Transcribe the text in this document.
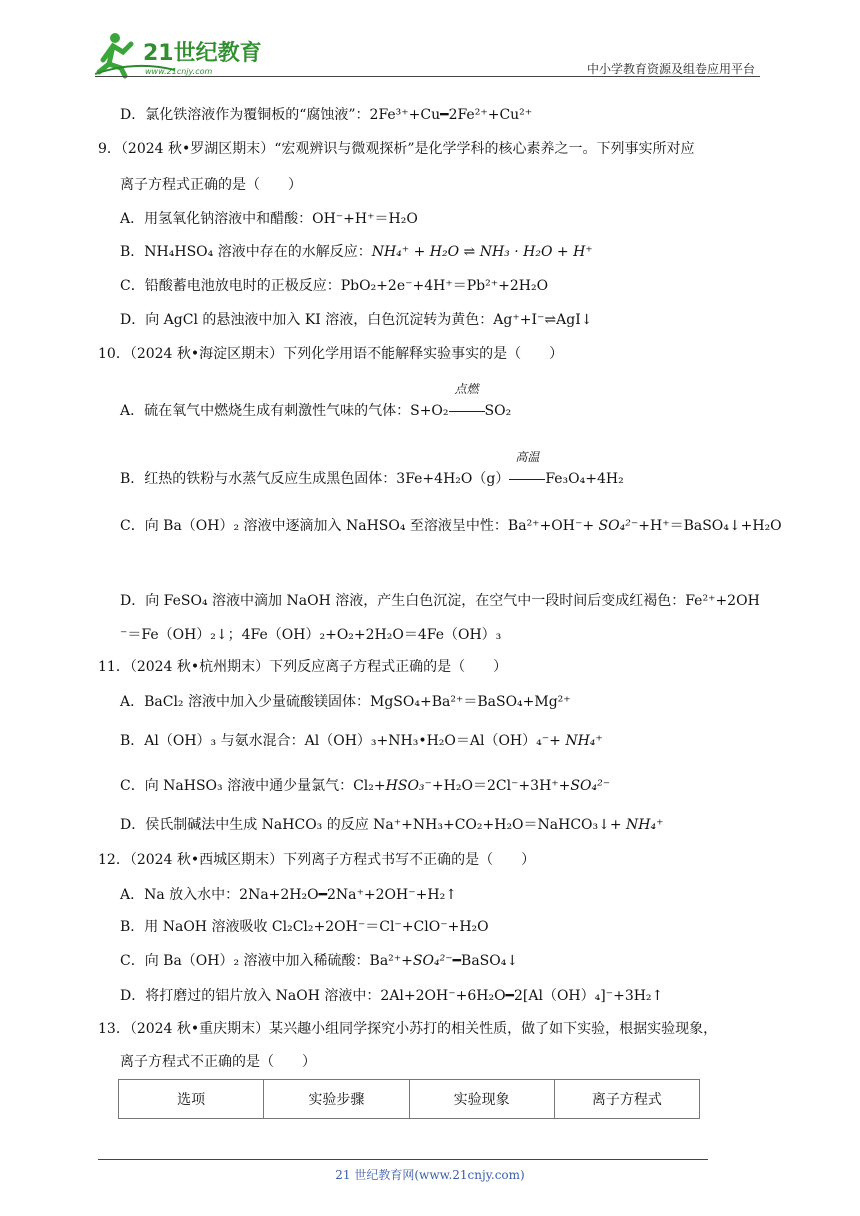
21世纪教育
www.21cnjy.com	中小学教育资源及组卷应用平台
D．氯化铁溶液作为覆铜板的“腐蚀液”：2Fe³⁺+Cu━2Fe²⁺+Cu²⁺
9．（2024 秋•罗湖区期末）“宏观辨识与微观探析”是化学学科的核心素养之一。下列事实所对应
离子方程式正确的是（　　）
A．用氢氧化钠溶液中和醋酸：OH⁻+H⁺＝H₂O
B．NH₄HSO₄ 溶液中存在的水解反应：NH₄⁺ + H₂O ⇌ NH₃ · H₂O + H⁺
C．铅酸蓄电池放电时的正极反应：PbO₂+2e⁻+4H⁺＝Pb²⁺+2H₂O
D．向 AgCl 的悬浊液中加入 KI 溶液，白色沉淀转为黄色：Ag⁺+I⁻⇌AgI↓
10．（2024 秋•海淀区期末）下列化学用语不能解释实验事实的是（　　）
A．硫在氧气中燃烧生成有刺激性气味的气体：S+O₂
点燃
SO₂
B．红热的铁粉与水蒸气反应生成黑色固体：3Fe+4H₂O（g）
高温
Fe₃O₄+4H₂
C．向 Ba（OH）₂ 溶液中逐滴加入 NaHSO₄ 至溶液呈中性：Ba²⁺+OH⁻+ SO₄²⁻+H⁺＝BaSO₄↓+H₂O
D．向 FeSO₄ 溶液中滴加 NaOH 溶液，产生白色沉淀，在空气中一段时间后变成红褐色：Fe²⁺+2OH
⁻＝Fe（OH）₂↓；4Fe（OH）₂+O₂+2H₂O＝4Fe（OH）₃
11．（2024 秋•杭州期末）下列反应离子方程式正确的是（　　）
A．BaCl₂ 溶液中加入少量硫酸镁固体：MgSO₄+Ba²⁺＝BaSO₄+Mg²⁺
B．Al（OH）₃ 与氨水混合：Al（OH）₃+NH₃•H₂O＝Al（OH）₄⁻+ NH₄⁺
C．向 NaHSO₃ 溶液中通少量氯气：Cl₂+HSO₃⁻+H₂O＝2Cl⁻+3H⁺+SO₄²⁻
D．侯氏制碱法中生成 NaHCO₃ 的反应 Na⁺+NH₃+CO₂+H₂O＝NaHCO₃↓+ NH₄⁺
12．（2024 秋•西城区期末）下列离子方程式书写不正确的是（　　）
A．Na 放入水中：2Na+2H₂O━2Na⁺+2OH⁻+H₂↑
B．用 NaOH 溶液吸收 Cl₂Cl₂+2OH⁻＝Cl⁻+ClO⁻+H₂O
C．向 Ba（OH）₂ 溶液中加入稀硫酸：Ba²⁺+SO₄²⁻━BaSO₄↓
D．将打磨过的铝片放入 NaOH 溶液中：2Al+2OH⁻+6H₂O━2[Al（OH）₄]⁻+3H₂↑
13．（2024 秋•重庆期末）某兴趣小组同学探究小苏打的相关性质，做了如下实验，根据实验现象，
离子方程式不正确的是（　　）
选项	实验步骤	实验现象	离子方程式
21 世纪教育网(www.21cnjy.com)
